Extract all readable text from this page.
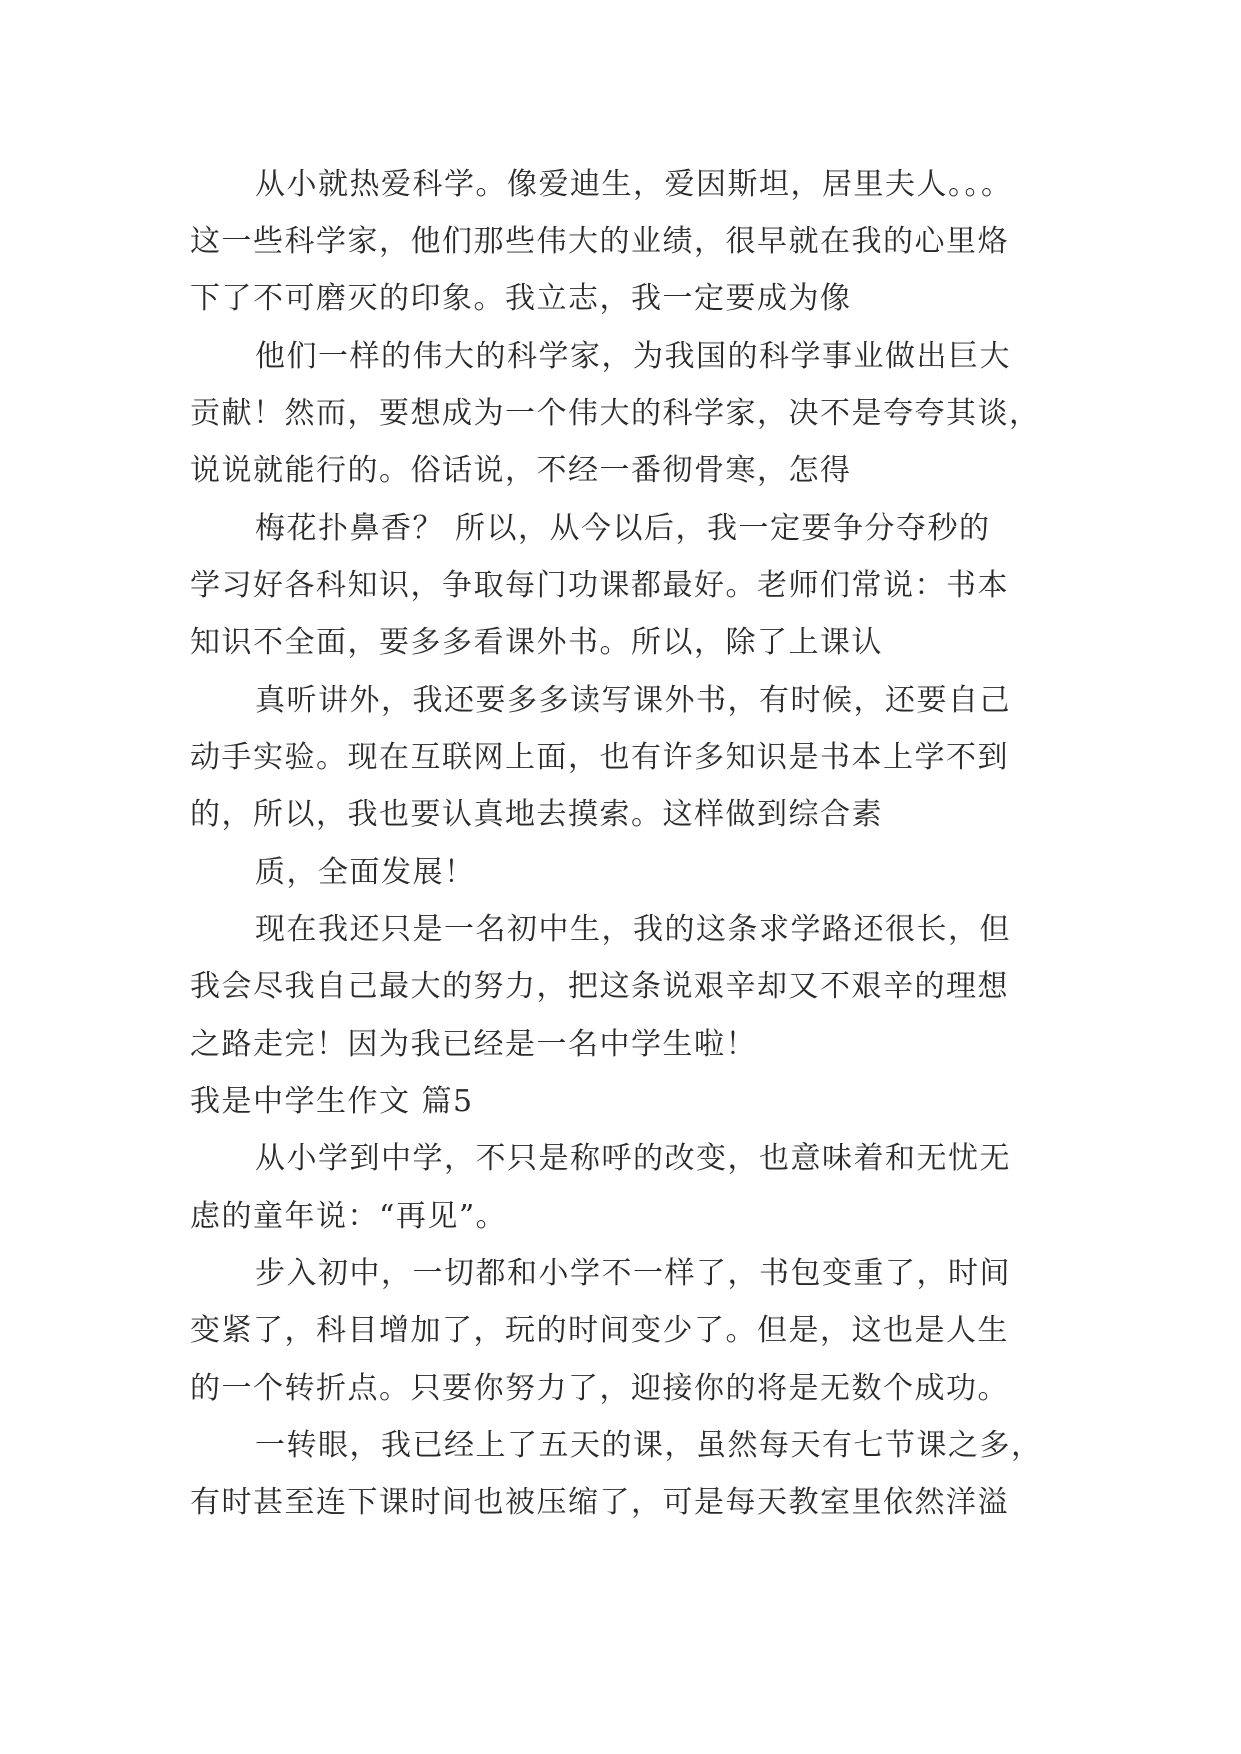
从小就热爱科学。像爱迪生，爱因斯坦，居里夫人。。。
这一些科学家，他们那些伟大的业绩，很早就在我的心里烙
下了不可磨灭的印象。我立志，我一定要成为像
他们一样的伟大的科学家，为我国的科学事业做出巨大
贡献！然而，要想成为一个伟大的科学家，决不是夸夸其谈，
说说就能行的。俗话说，不经一番彻骨寒，怎得
梅花扑鼻香？ 所以，从今以后，我一定要争分夺秒的
学习好各科知识，争取每门功课都最好。老师们常说：书本
知识不全面，要多多看课外书。所以，除了上课认
真听讲外，我还要多多读写课外书，有时候，还要自己
动手实验。现在互联网上面，也有许多知识是书本上学不到
的，所以，我也要认真地去摸索。这样做到综合素
质，全面发展！
现在我还只是一名初中生，我的这条求学路还很长，但
我会尽我自己最大的努力，把这条说艰辛却又不艰辛的理想
之路走完！因为我已经是一名中学生啦！
我是中学生作文 篇5
从小学到中学，不只是称呼的改变，也意味着和无忧无
虑的童年说：“再见”。
步入初中，一切都和小学不一样了，书包变重了，时间
变紧了，科目增加了，玩的时间变少了。但是，这也是人生
的一个转折点。只要你努力了，迎接你的将是无数个成功。
一转眼，我已经上了五天的课，虽然每天有七节课之多，
有时甚至连下课时间也被压缩了，可是每天教室里依然洋溢
